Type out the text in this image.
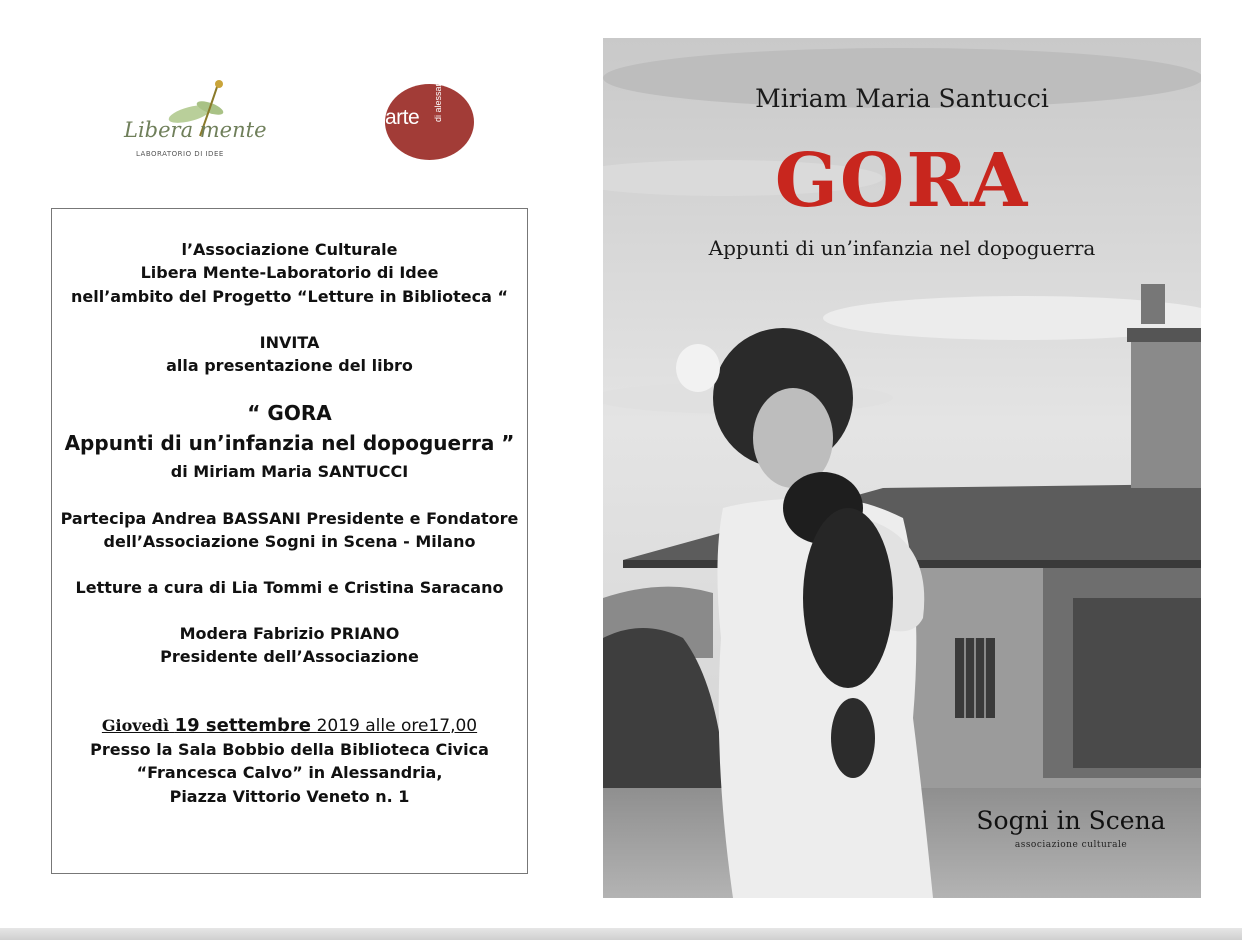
Libera mente
LABORATORIO DI IDEE
arte di alessandria
l’Associazione Culturale
Libera Mente-Laboratorio di Idee
nell’ambito del Progetto “Letture in Biblioteca “
INVITA
alla presentazione del libro
“ GORA
Appunti di un’infanzia nel dopoguerra ”
di Miriam Maria SANTUCCI
Partecipa Andrea BASSANI Presidente e Fondatore
dell’Associazione Sogni in Scena - Milano
Letture a cura di Lia Tommi e Cristina Saracano
Modera Fabrizio PRIANO
Presidente dell’Associazione
Giovedì 19 settembre 2019 alle ore17,00
Presso la Sala Bobbio della Biblioteca Civica
“Francesca Calvo” in Alessandria,
Piazza Vittorio Veneto n. 1
Miriam Maria Santucci
GORA
Appunti di un’infanzia nel dopoguerra
Sogni in Scena
associazione culturale
